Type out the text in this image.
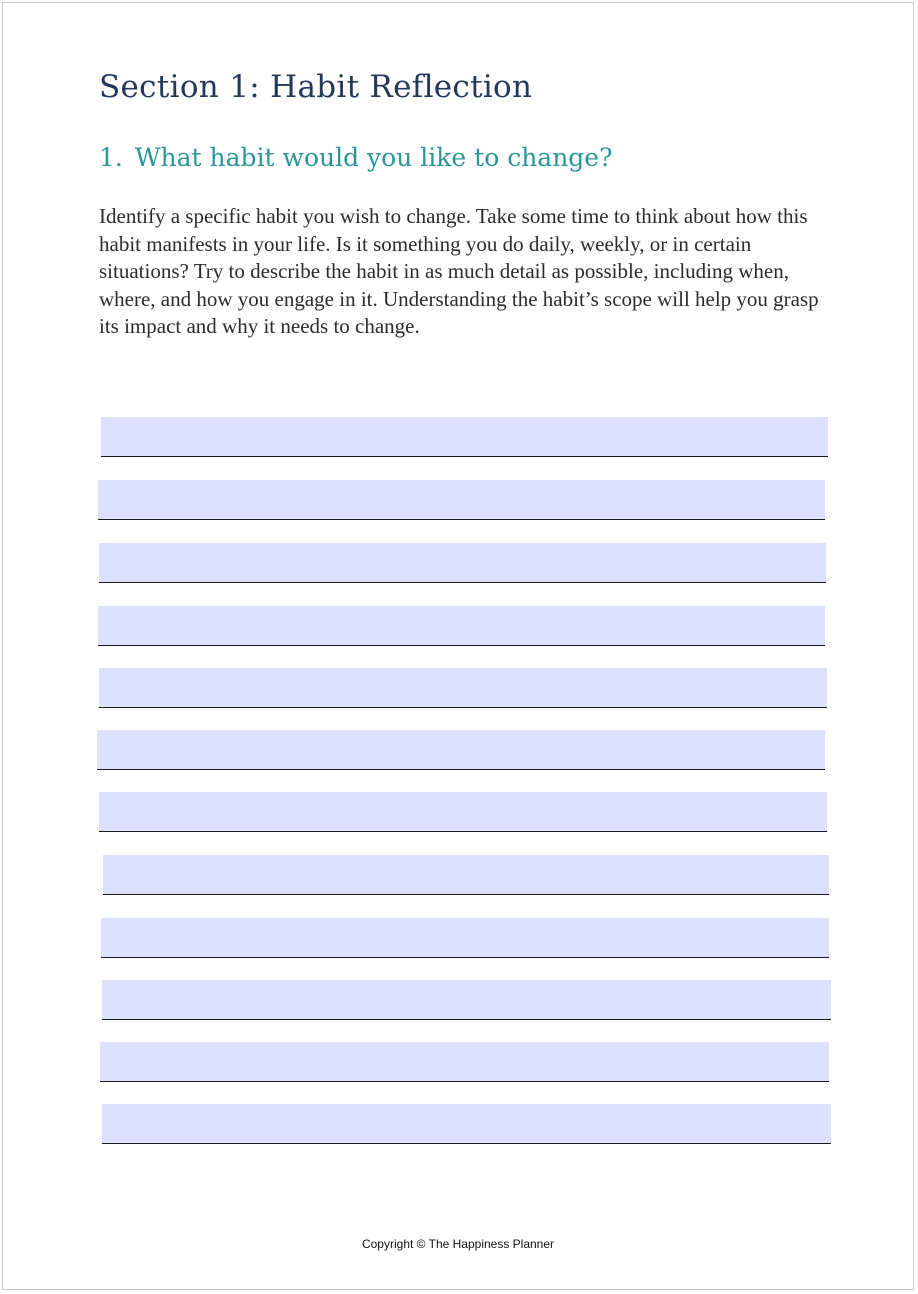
Section 1: Habit Reflection
1. What habit would you like to change?

Identify a specific habit you wish to change. Take some time to think about how this habit manifests in your life. Is it something you do daily, weekly, or in certain situations? Try to describe the habit in as much detail as possible, including when, where, and how you engage in it. Understanding the habit’s scope will help you grasp its impact and why it needs to change.

Copyright © The Happiness Planner
